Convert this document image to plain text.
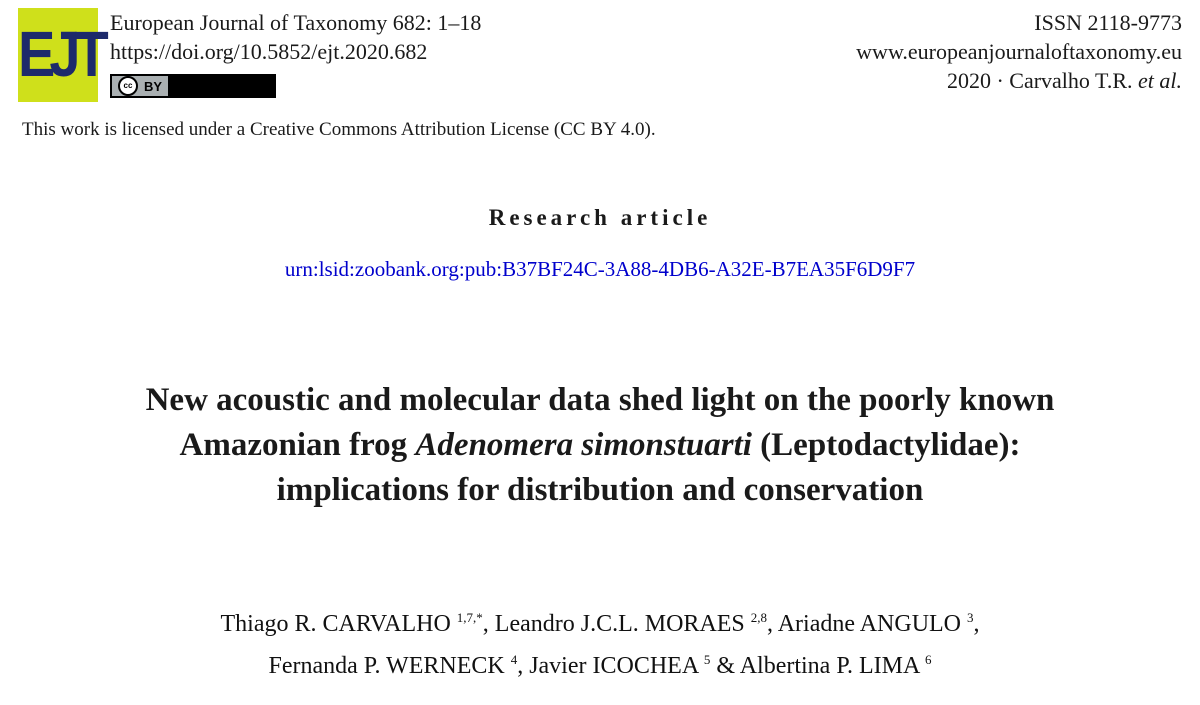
EJT European Journal of Taxonomy 682: 1–18
https://doi.org/10.5852/ejt.2020.682
cc BY
ISSN 2118-9773
www.europeanjournaloftaxonomy.eu
2020 · Carvalho T.R. et al.
This work is licensed under a Creative Commons Attribution License (CC BY 4.0).
Research article
urn:lsid:zoobank.org:pub:B37BF24C-3A88-4DB6-A32E-B7EA35F6D9F7
New acoustic and molecular data shed light on the poorly known
Amazonian frog Adenomera simonstuarti (Leptodactylidae):
implications for distribution and conservation
Thiago R. CARVALHO $^{1,7,*}$, Leandro J.C.L. MORAES $^{2,8}$, Ariadne ANGULO $^3$,
Fernanda P. WERNECK $^4$, Javier ICOCHEA $^5$ & Albertina P. LIMA $^6$
